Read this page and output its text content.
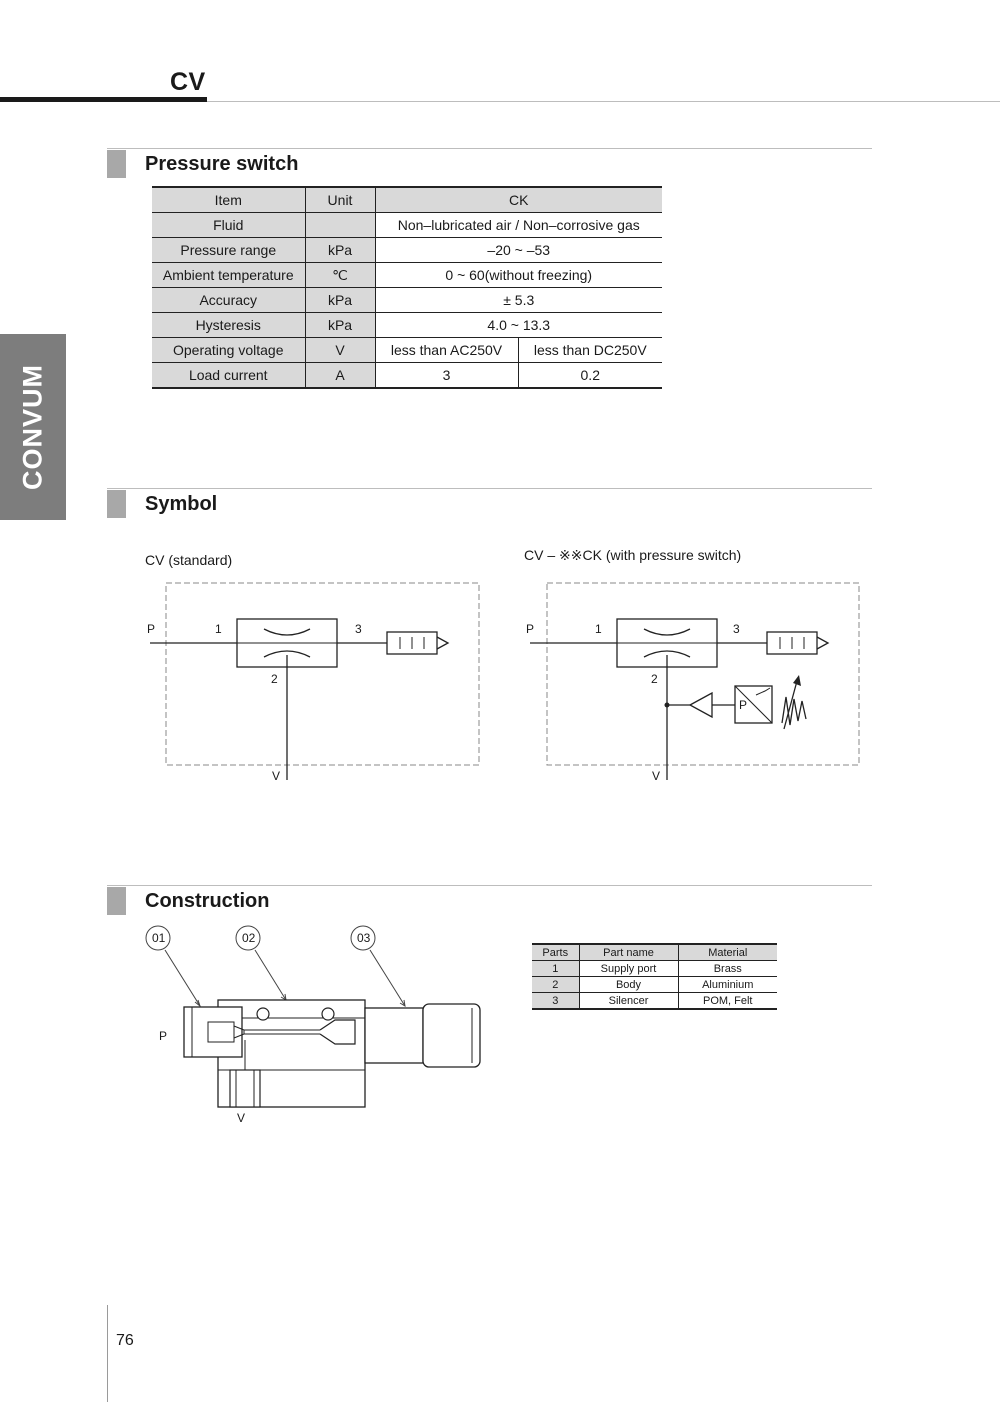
CV
CONVUM
Pressure switch
Item	Unit	CK	
Fluid		Non–lubricated air / Non–corrosive gas	
Pressure range	kPa	–20 ~ –53	
Ambient temperature	℃	0 ~ 60(without freezing)	
Accuracy	kPa	± 5.3	
Hysteresis	kPa	4.0 ~ 13.3	
Operating voltage	V	less than AC250V	less than DC250V
Load current	A	3	0.2
Symbol
CV (standard)	CV – ※※CK (with pressure switch)
P	1	3
2
V
P	1	3
2
V
P
Construction
01	02	03
P
V
Parts	Part name	Material
1	Supply port	Brass
2	Body	Aluminium
3	Silencer	POM, Felt
76
